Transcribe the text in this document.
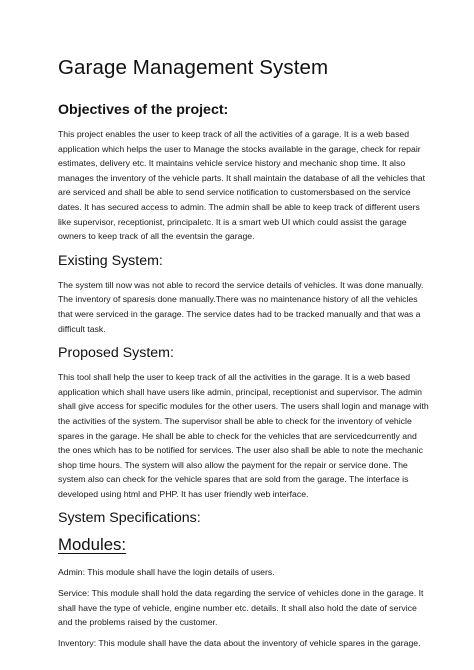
Garage Management System
Objectives of the project:

This project enables the user to keep track of all the activities of a garage. It is a web based application which helps the user to Manage the stocks available in the garage, check for repair estimates, delivery etc. It maintains vehicle service history and mechanic shop time. It also manages the inventory of the vehicle parts. It shall maintain the database of all the vehicles that are serviced and shall be able to send service notification to customersbased on the service dates. It has secured access to admin. The admin shall be able to keep track of different users like supervisor, receptionist, principaletc. It is a smart web UI which could assist the garage owners to keep track of all the eventsin the garage.

Existing System:

The system till now was not able to record the service details of vehicles. It was done manually. The inventory of sparesis done manually.There was no maintenance history of all the vehicles that were serviced in the garage. The service dates had to be tracked manually and that was a difficult task.

Proposed System:

This tool shall help the user to keep track of all the activities in the garage. It is a web based application which shall have users like admin, principal, receptionist and supervisor. The admin shall give access for specific modules for the other users. The users shall login and manage with the activities of the system. The supervisor shall be able to check for the inventory of vehicle spares in the garage. He shall be able to check for the vehicles that are servicedcurrently and the ones which has to be notified for services. The user also shall be able to note the mechanic shop time hours. The system will also allow the payment for the repair or service done. The system also can check for the vehicle spares that are sold from the garage. The interface is developed using html and PHP. It has user friendly web interface.

System Specifications:
Modules:

Admin: This module shall have the login details of users.

Service: This module shall hold the data regarding the service of vehicles done in the garage. It shall have the type of vehicle, engine number etc. details. It shall also hold the date of service and the problems raised by the customer.

Inventory: This module shall have the data about the inventory of vehicle spares in the garage.
